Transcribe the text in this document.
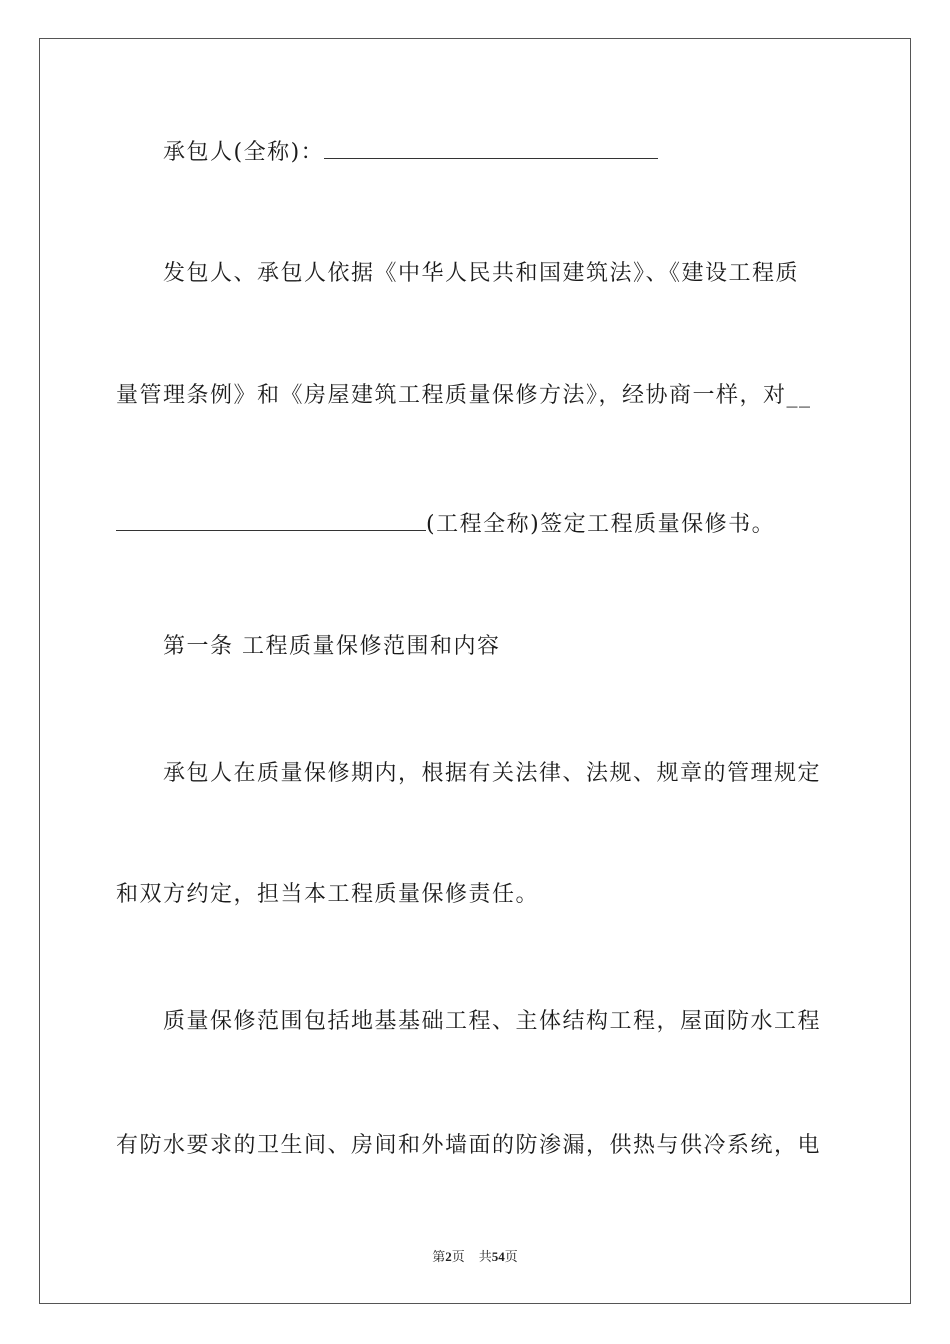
承包人(全称)：
发包人、承包人依据《中华人民共和国建筑法》、《建设工程质
量管理条例》和《房屋建筑工程质量保修方法》，经协商一样，对__
(工程全称)签定工程质量保修书。
第一条 工程质量保修范围和内容
承包人在质量保修期内，根据有关法律、法规、规章的管理规定
和双方约定，担当本工程质量保修责任。
质量保修范围包括地基基础工程、主体结构工程，屋面防水工程
有防水要求的卫生间、房间和外墙面的防渗漏，供热与供冷系统，电
第2页 共54页
